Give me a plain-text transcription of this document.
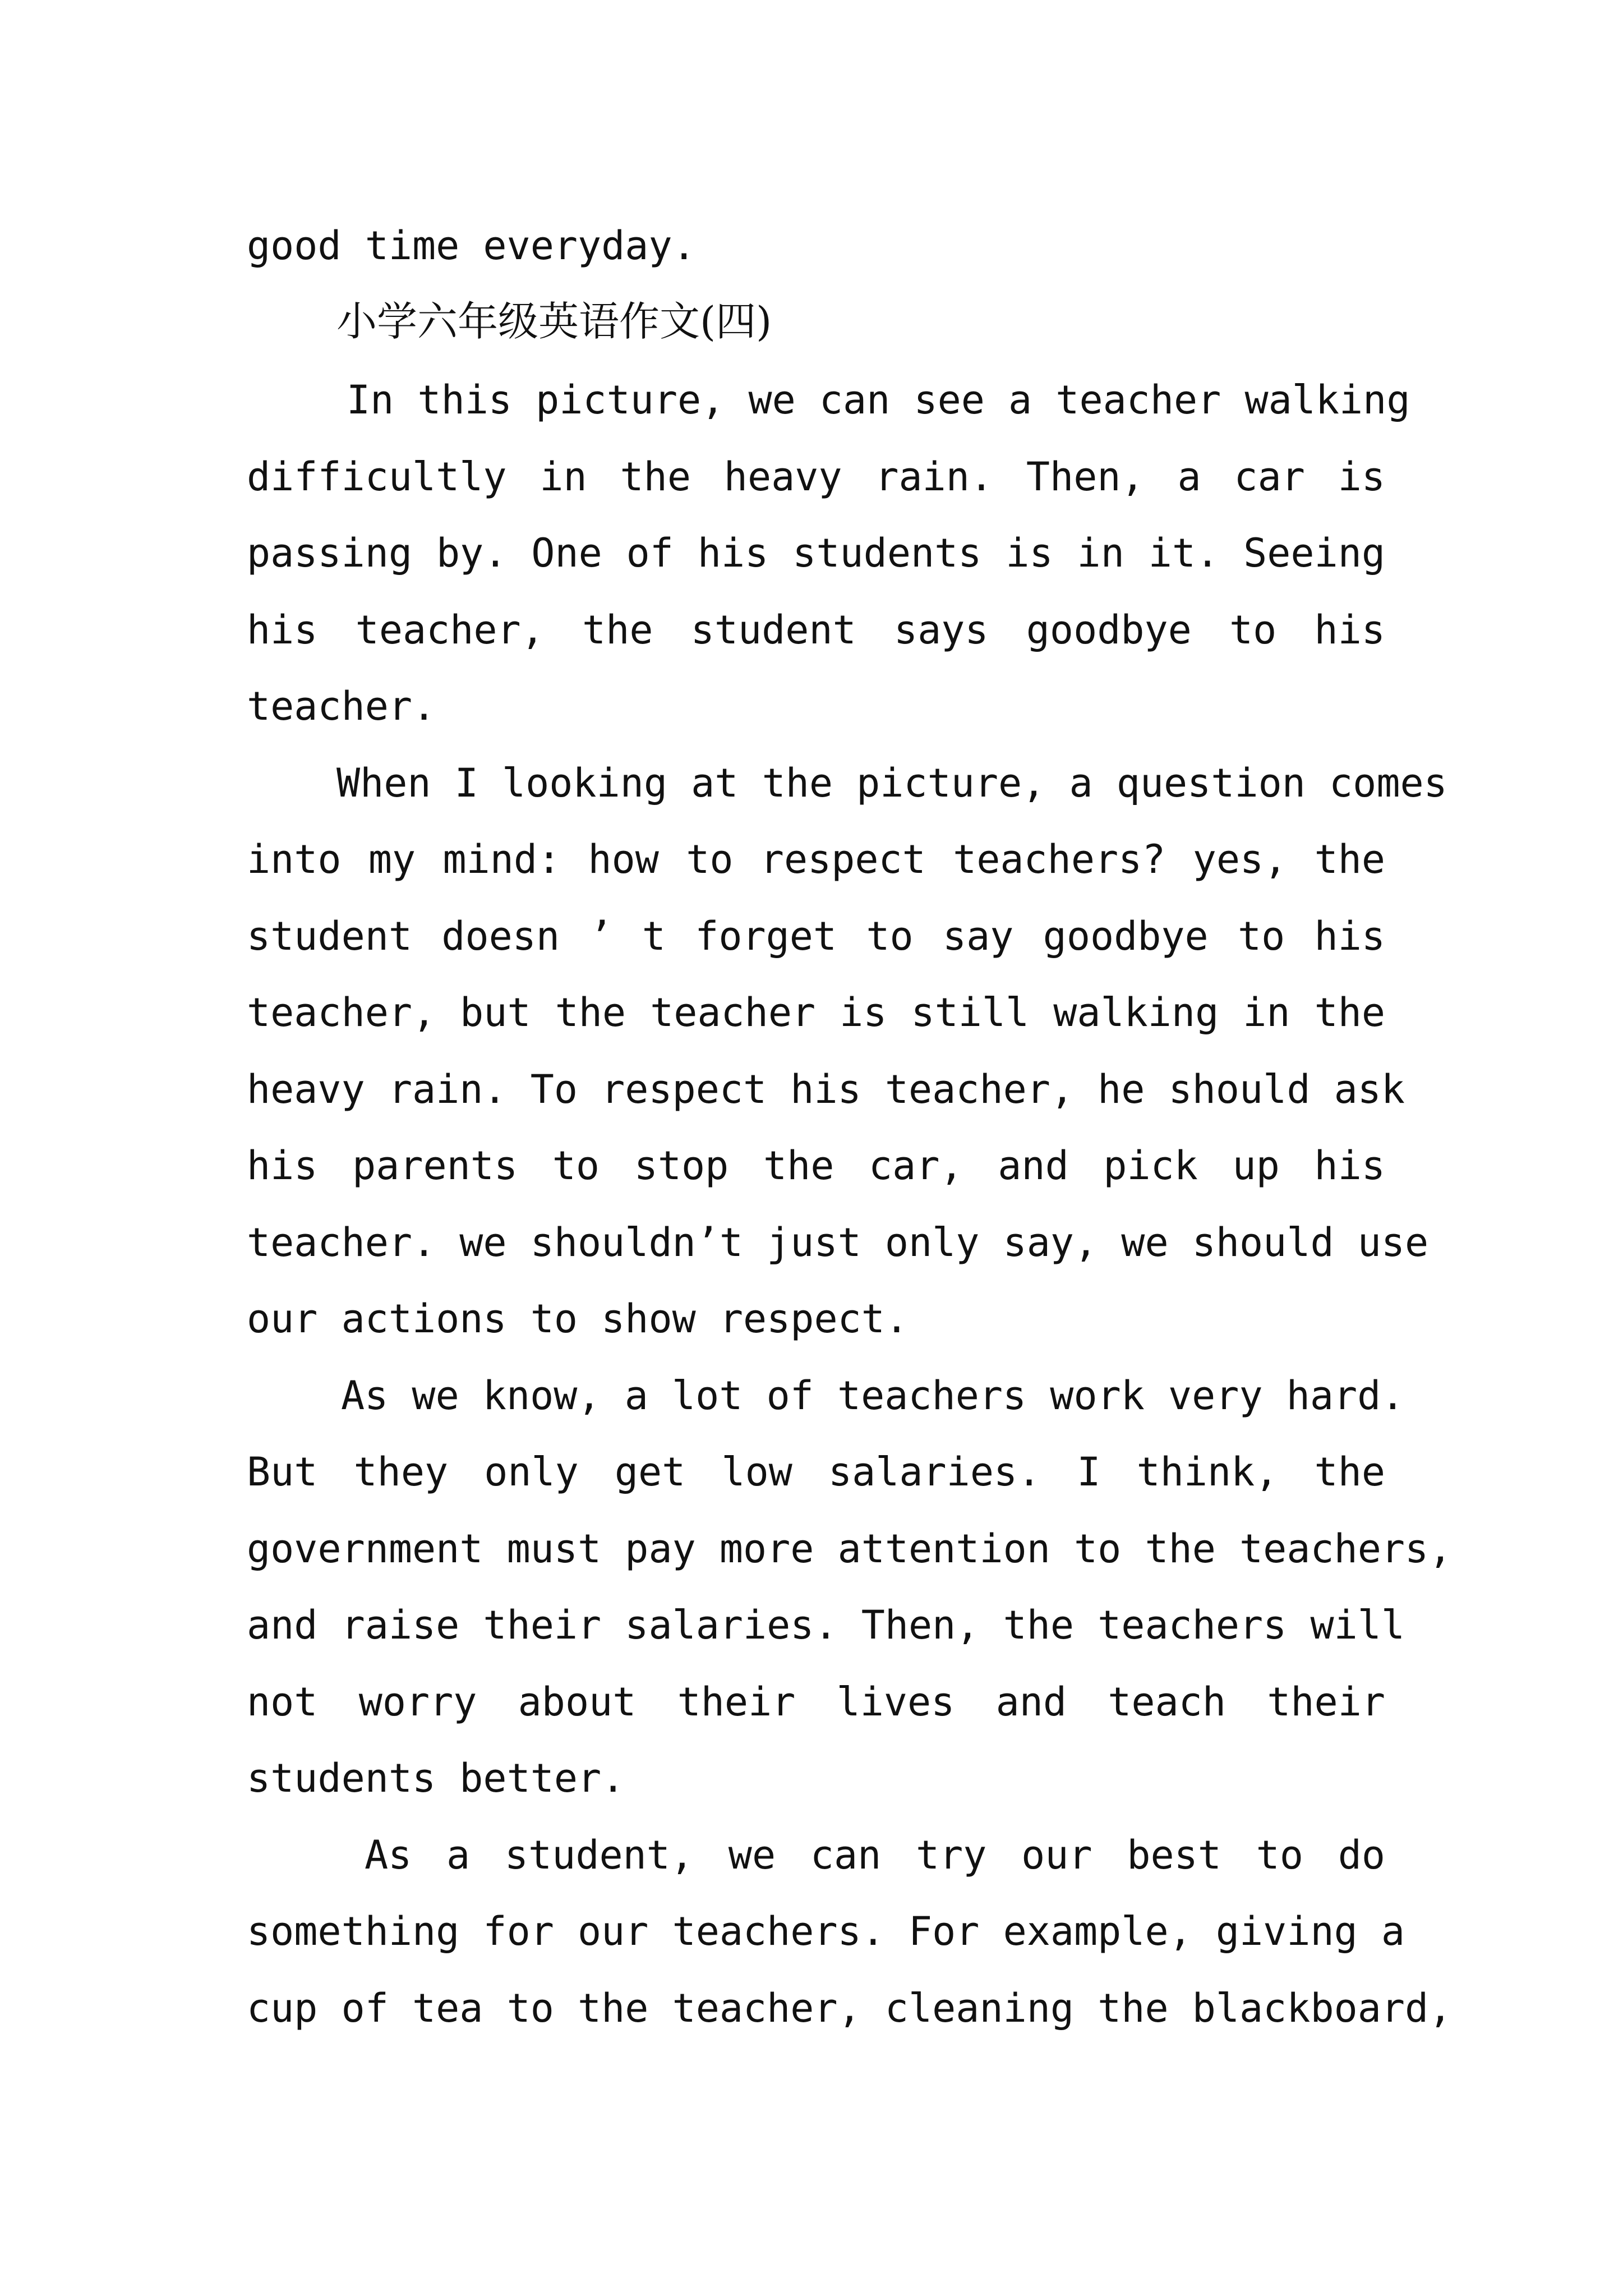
good time everyday.
小学六年级英语作文(四)
In this picture, we can see a teacher walking
difficultly in the heavy rain. Then, a car is
passing by. One of his students is in it. Seeing
his teacher, the student says goodbye to his
teacher.
When I looking at the picture, a question comes
into my mind: how to respect teachers? yes, the
student doesn ’ t forget to say goodbye to his
teacher, but the teacher is still walking in the
heavy rain. To respect his teacher, he should ask
his parents to stop the car, and pick up his
teacher. we shouldn’t just only say, we should use
our actions to show respect.
As we know, a lot of teachers work very hard.
But they only get low salaries. I think, the
government must pay more attention to the teachers,
and raise their salaries. Then, the teachers will
not worry about their lives and teach their
students better.
As a student, we can try our best to do
something for our teachers. For example, giving a
cup of tea to the teacher, cleaning the blackboard,
